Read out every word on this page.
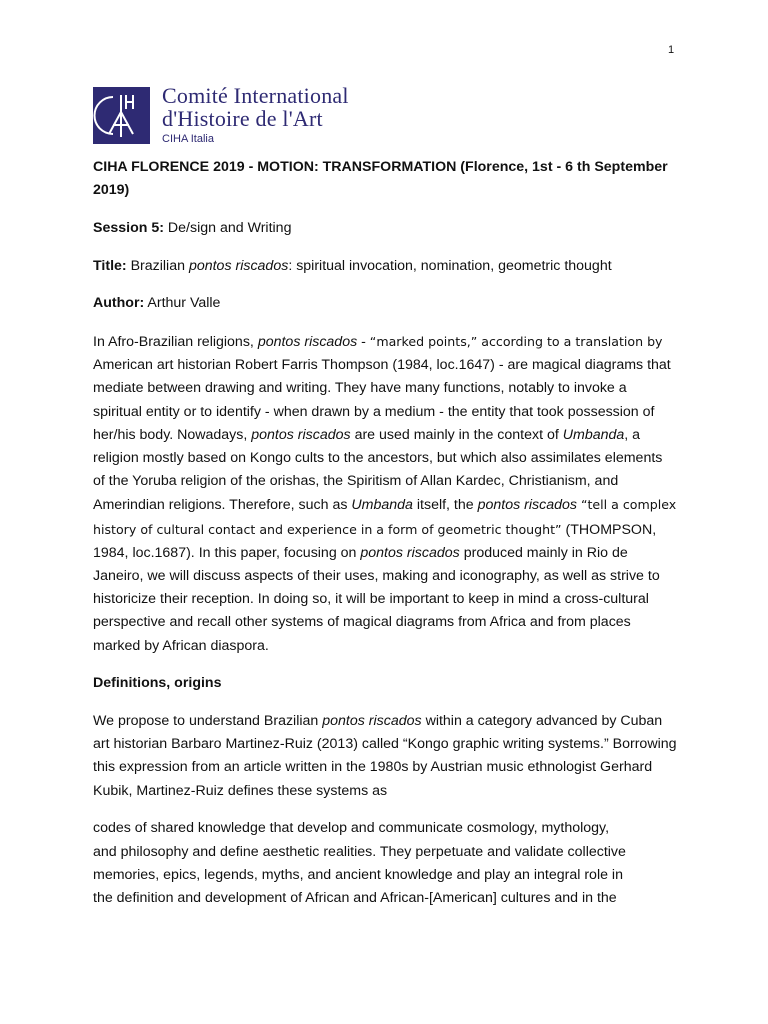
1
Comité International
d'Histoire de l'Art
CIHA Italia

CIHA FLORENCE 2019 - MOTION: TRANSFORMATION (Florence, 1st - 6 th September 2019)

Session 5: De/sign and Writing

Title: Brazilian pontos riscados: spiritual invocation, nomination, geometric thought

Author: Arthur Valle

In Afro-Brazilian religions, pontos riscados - “marked points,” according to a translation by American art historian Robert Farris Thompson (1984, loc.1647) - are magical diagrams that mediate between drawing and writing. They have many functions, notably to invoke a spiritual entity or to identify - when drawn by a medium - the entity that took possession of her/his body. Nowadays, pontos riscados are used mainly in the context of Umbanda, a religion mostly based on Kongo cults to the ancestors, but which also assimilates elements of the Yoruba religion of the orishas, the Spiritism of Allan Kardec, Christianism, and Amerindian religions. Therefore, such as Umbanda itself, the pontos riscados “tell a complex history of cultural contact and experience in a form of geometric thought” (THOMPSON, 1984, loc.1687). In this paper, focusing on pontos riscados produced mainly in Rio de Janeiro, we will discuss aspects of their uses, making and iconography, as well as strive to historicize their reception. In doing so, it will be important to keep in mind a cross-cultural perspective and recall other systems of magical diagrams from Africa and from places marked by African diaspora.

Definitions, origins

We propose to understand Brazilian pontos riscados within a category advanced by Cuban art historian Barbaro Martinez-Ruiz (2013) called “Kongo graphic writing systems.” Borrowing this expression from an article written in the 1980s by Austrian music ethnologist Gerhard Kubik, Martinez-Ruiz defines these systems as

codes of shared knowledge that develop and communicate cosmology, mythology, and philosophy and define aesthetic realities. They perpetuate and validate collective memories, epics, legends, myths, and ancient knowledge and play an integral role in the definition and development of African and African-[American] cultures and in the
